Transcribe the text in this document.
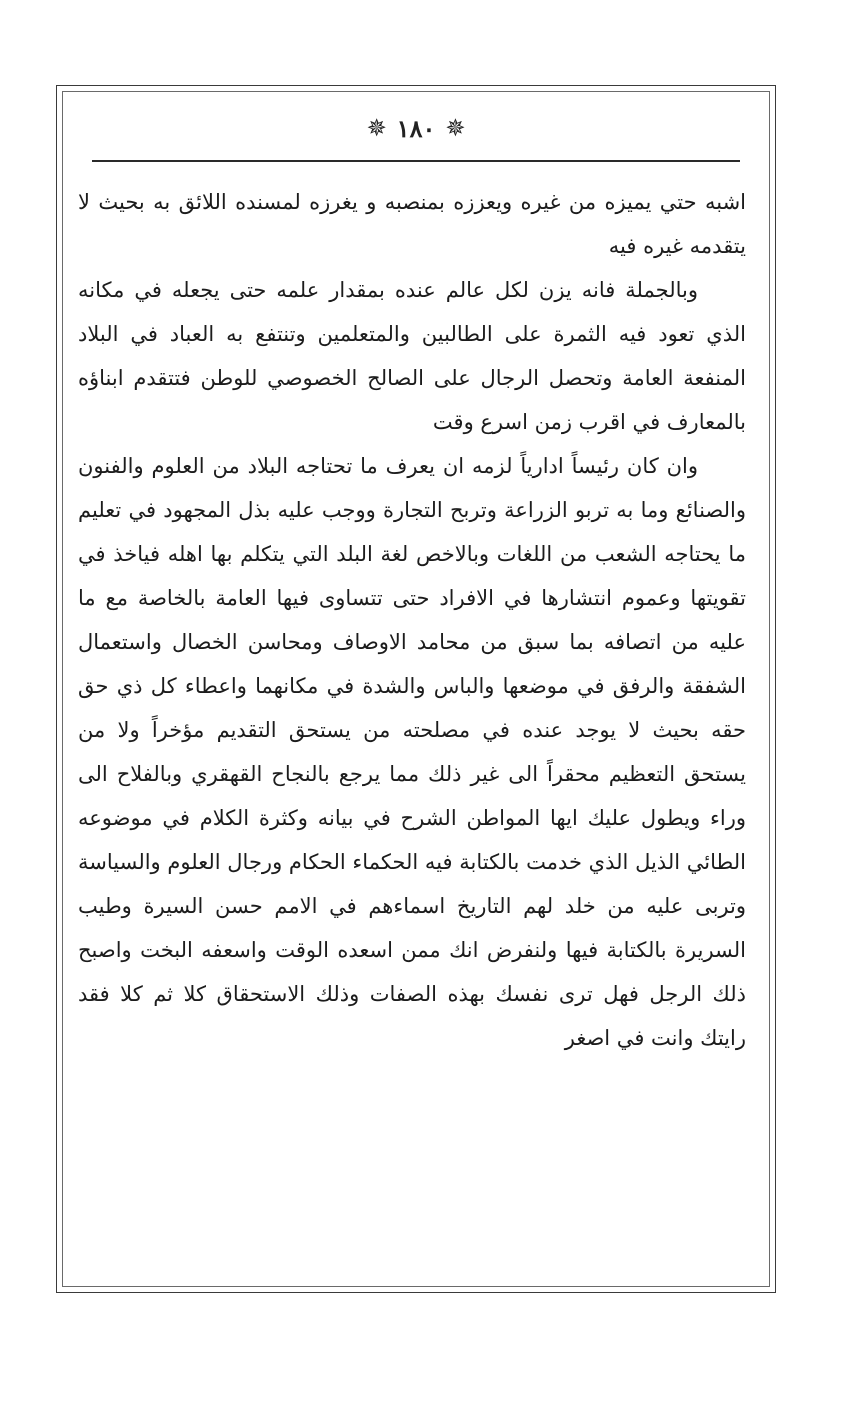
✵
١٨٠
✵

اشبه حتي يميزه من غيره ويعززه بمنصبه و يغرزه لمسنده اللائق به بحيث لا يتقدمه غيره فيه

وبالجملة فانه يزن لكل عالم عنده بمقدار علمه حتى يجعله في مكانه الذي تعود فيه الثمرة على الطالبين والمتعلمين وتنتفع به العباد في البلاد المنفعة العامة وتحصل الرجال على الصالح الخصوصي للوطن فتتقدم ابناؤه بالمعارف في اقرب زمن اسرع وقت

وان كان رئيساً ادارياً لزمه ان يعرف ما تحتاجه البلاد من العلوم والفنون والصنائع وما به تربو الزراعة وتربح التجارة ووجب عليه بذل المجهود في تعليم ما يحتاجه الشعب من اللغات وبالاخص لغة البلد التي يتكلم بها اهله فياخذ في تقويتها وعموم انتشارها في الافراد حتى تتساوى فيها العامة بالخاصة مع ما عليه من اتصافه بما سبق من محامد الاوصاف ومحاسن الخصال واستعمال الشفقة والرفق في موضعها والباس والشدة في مكانهما واعطاء كل ذي حق حقه بحيث لا يوجد عنده في مصلحته من يستحق التقديم مؤخراً ولا من يستحق التعظيم محقراً الى غير ذلك مما يرجع بالنجاح القهقري وبالفلاح الى وراء ويطول عليك ايها المواطن الشرح في بيانه وكثرة الكلام في موضوعه الطائي الذيل الذي خدمت بالكتابة فيه الحكماء الحكام ورجال العلوم والسياسة وتربى عليه من خلد لهم التاريخ اسماءهم في الامم حسن السيرة وطيب السريرة بالكتابة فيها ولنفرض انك ممن اسعده الوقت واسعفه البخت واصبح ذلك الرجل فهل ترى نفسك بهذه الصفات وذلك الاستحقاق كلا ثم كلا فقد رايتك وانت في اصغر
